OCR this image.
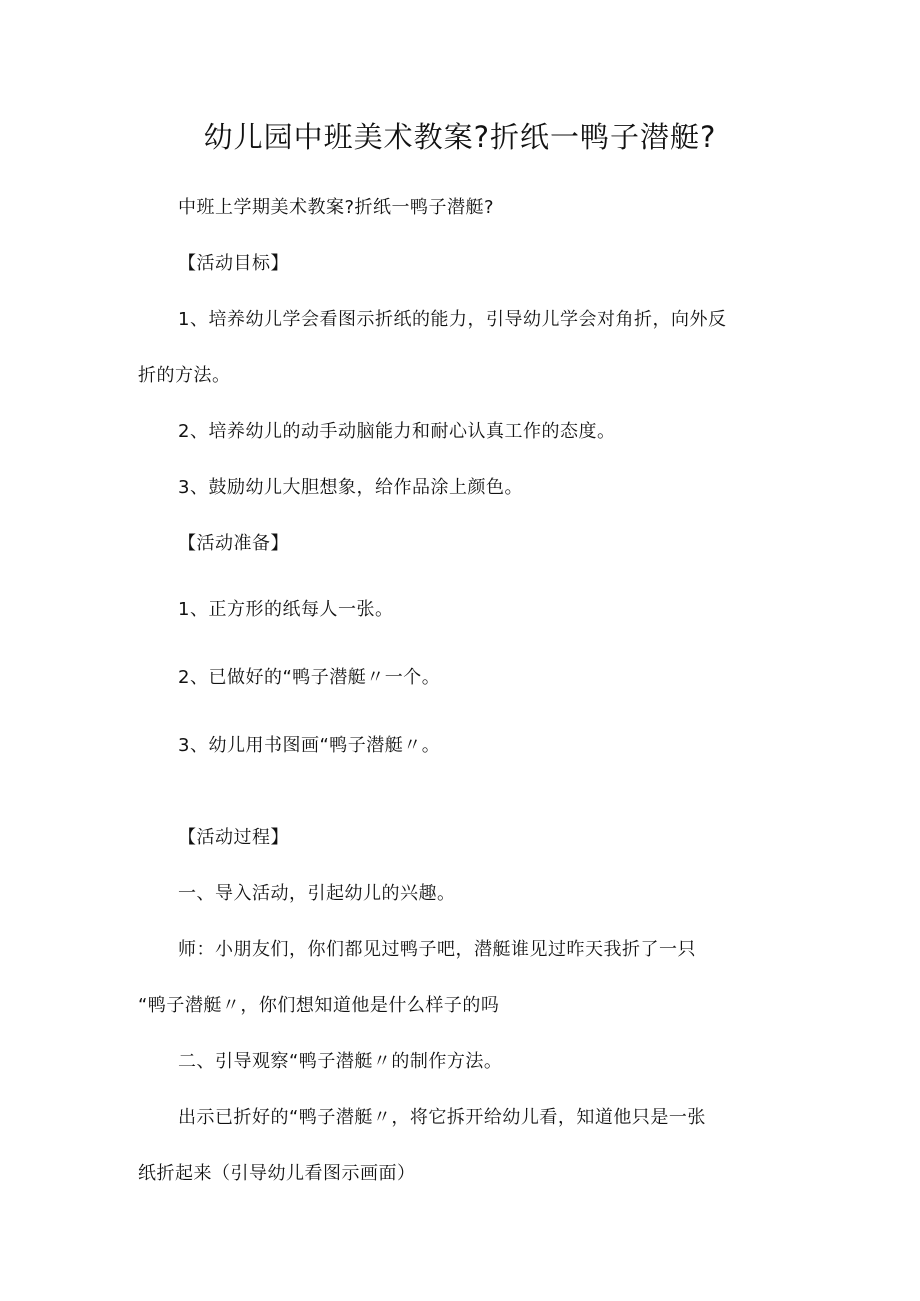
幼儿园中班美术教案?折纸一鸭子潜艇?
中班上学期美术教案?折纸一鸭子潜艇?
【活动目标】
1、培养幼儿学会看图示折纸的能力，引导幼儿学会对角折，向外反
折的方法。
2、培养幼儿的动手动脑能力和耐心认真工作的态度。
3、鼓励幼儿大胆想象，给作品涂上颜色。
【活动准备】
1、正方形的纸每人一张。
2、已做好的“鸭子潜艇〃一个。
3、幼儿用书图画“鸭子潜艇〃。
【活动过程】
一、导入活动，引起幼儿的兴趣。
师：小朋友们，你们都见过鸭子吧，潜艇谁见过昨天我折了一只
“鸭子潜艇〃，你们想知道他是什么样子的吗
二、引导观察“鸭子潜艇〃的制作方法。
出示已折好的“鸭子潜艇〃，将它拆开给幼儿看，知道他只是一张
纸折起来（引导幼儿看图示画面）
